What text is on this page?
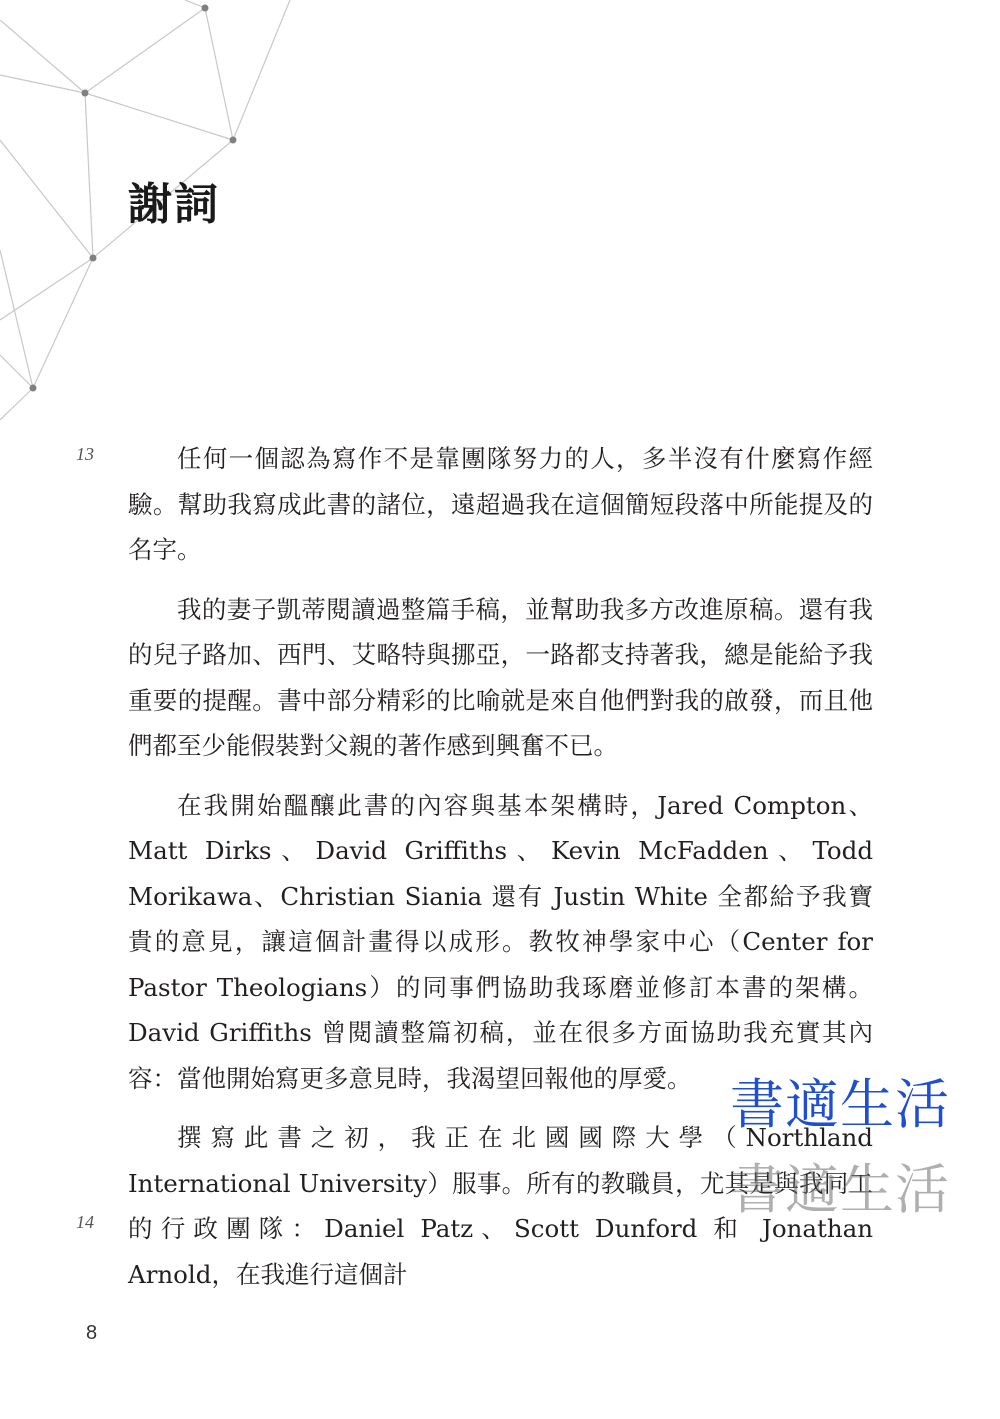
謝詞
13
14

任何一個認為寫作不是靠團隊努力的人，多半沒有什麼寫作經驗。幫助我寫成此書的諸位，遠超過我在這個簡短段落中所能提及的名字。

我的妻子凱蒂閱讀過整篇手稿，並幫助我多方改進原稿。還有我的兒子路加、西門、艾略特與挪亞，一路都支持著我，總是能給予我重要的提醒。書中部分精彩的比喻就是來自他們對我的啟發，而且他們都至少能假裝對父親的著作感到興奮不已。

在我開始醞釀此書的內容與基本架構時，Jared Compton、Matt Dirks、David Griffiths、Kevin McFadden、Todd Morikawa、Christian Siania 還有 Justin White 全都給予我寶貴的意見，讓這個計畫得以成形。教牧神學家中心（Center for Pastor Theologians）的同事們協助我琢磨並修訂本書的架構。David Griffiths 曾閱讀整篇初稿，並在很多方面協助我充實其內容：當他開始寫更多意見時，我渴望回報他的厚愛。

撰寫此書之初，我正在北國國際大學（Northland International University）服事。所有的教職員，尤其是與我同工的行政團隊：Daniel Patz、Scott Dunford 和 Jonathan Arnold，在我進行這個計

書適生活
書適生活
8
